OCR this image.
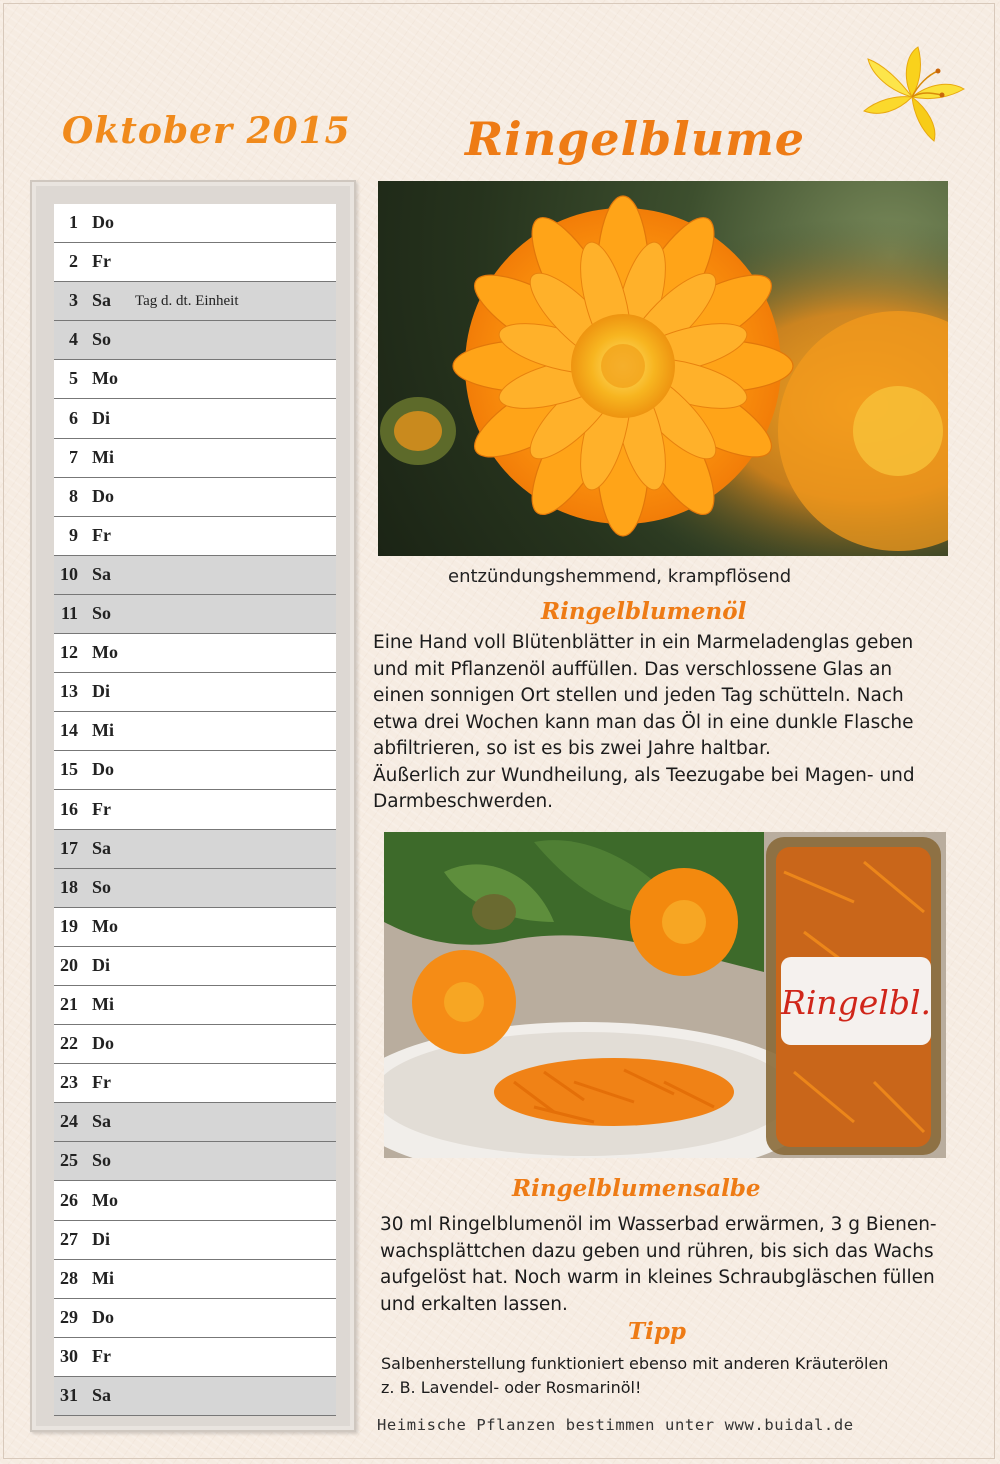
Oktober 2015 Ringelblume
1 Do
2 Fr
3 Sa Tag d. dt. Einheit
4 So
5 Mo
6 Di
7 Mi
8 Do
9 Fr
10 Sa
11 So
12 Mo
13 Di
14 Mi
15 Do
16 Fr
17 Sa
18 So
19 Mo
20 Di
21 Mi
22 Do
23 Fr
24 Sa
25 So
26 Mo
27 Di
28 Mi
29 Do
30 Fr
31 Sa
entzündungshemmend, krampflösend
Ringelblumenöl
Eine Hand voll Blütenblätter in ein Marmeladenglas geben
und mit Pflanzenöl auffüllen. Das verschlossene Glas an
einen sonnigen Ort stellen und jeden Tag schütteln. Nach
etwa drei Wochen kann man das Öl in eine dunkle Flasche
abfiltrieren, so ist es bis zwei Jahre haltbar.
Äußerlich zur Wundheilung, als Teezugabe bei Magen- und
Darmbeschwerden.
Ringelbl.
Ringelblumensalbe
30 ml Ringelblumenöl im Wasserbad erwärmen, 3 g Bienen-
wachsplättchen dazu geben und rühren, bis sich das Wachs
aufgelöst hat. Noch warm in kleines Schraubgläschen füllen
und erkalten lassen.
Tipp
Salbenherstellung funktioniert ebenso mit anderen Kräuterölen
z. B. Lavendel- oder Rosmarinöl!
Heimische Pflanzen bestimmen unter www.buidal.de
